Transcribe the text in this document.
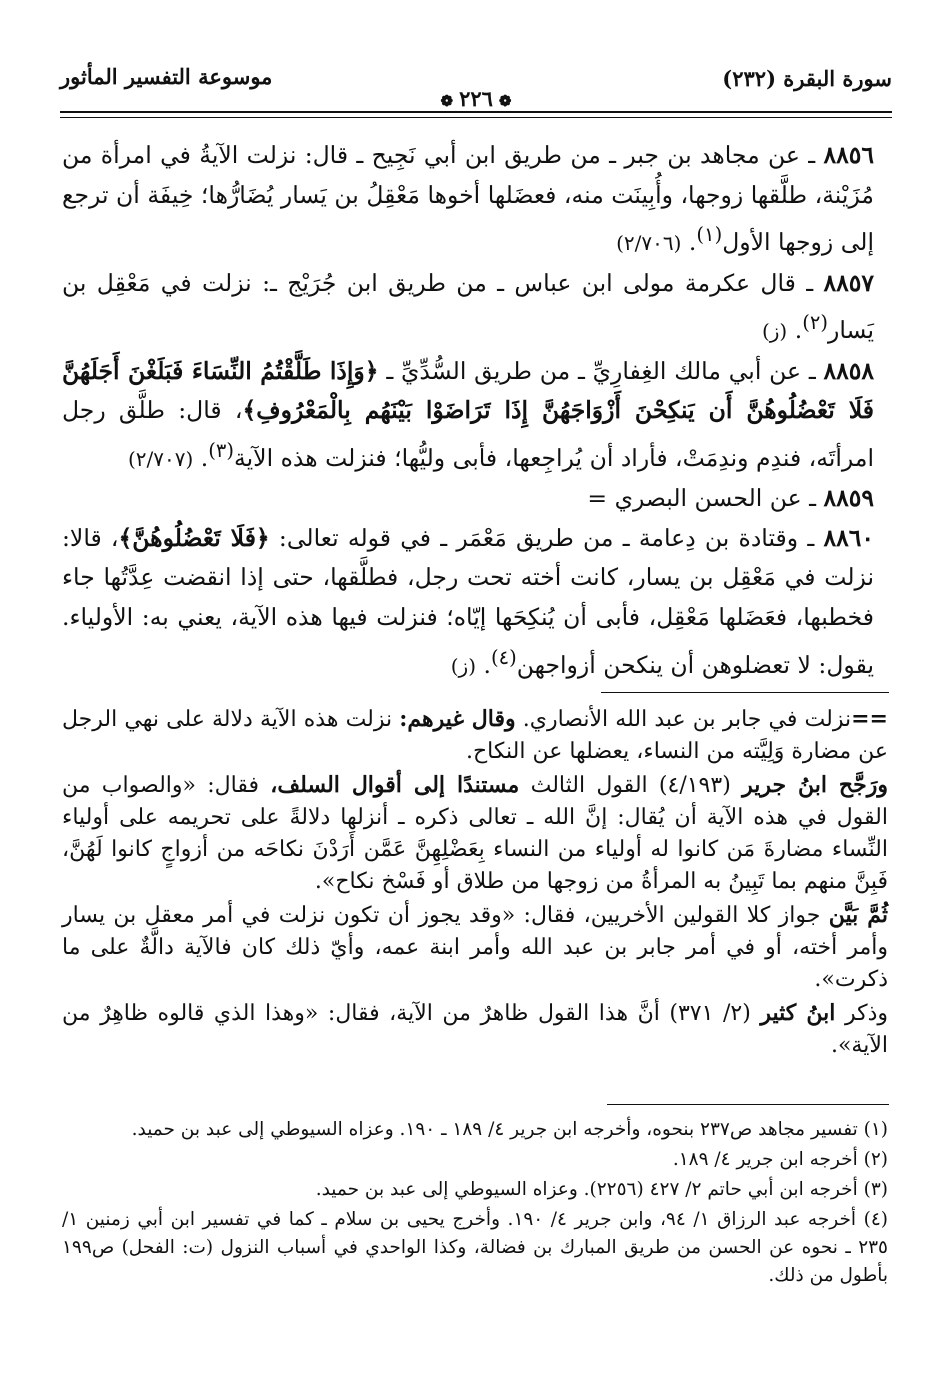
سورة البقرة (٢٣٢)
موسوعة التفسير المأثور
❁٢٢٦❁

٨٨٥٦ ـ عن مجاهد بن جبر ـ من طريق ابن أبي نَجِيح ـ قال: نزلت الآيةُ في امرأة من مُزَيْنة، طلَّقها زوجها، وأُبِينَت منه، فعضَلها أخوها مَعْقِلُ بن يَسار يُضَارُّها؛ خِيفَة أن ترجع إلى زوجها الأول$^{(١)}$. (٢/٧٠٦)

٨٨٥٧ ـ قال عكرمة مولى ابن عباس ـ من طريق ابن جُرَيْج ـ: نزلت في مَعْقِل بن يَسار$^{(٢)}$. (ز)

٨٨٥٨ ـ عن أبي مالك الغِفارِيِّ ـ من طريق السُّدِّيِّ ـ ﴿وَإِذَا طَلَّقْتُمُ النِّسَاءَ فَبَلَغْنَ أَجَلَهُنَّ فَلَا تَعْضُلُوهُنَّ أَن يَنكِحْنَ أَزْوَاجَهُنَّ إِذَا تَرَاضَوْا بَيْنَهُم بِالْمَعْرُوفِ﴾، قال: طلَّق رجل امرأتَه، فندِم وندِمَتْ، فأراد أن يُراجِعها، فأبى وليُّها؛ فنزلت هذه الآية$^{(٣)}$. (٢/٧٠٧)

٨٨٥٩ ـ عن الحسن البصري =

٨٨٦٠ ـ وقتادة بن دِعامة ـ من طريق مَعْمَر ـ في قوله تعالى: ﴿فَلَا تَعْضُلُوهُنَّ﴾، قالا: نزلت في مَعْقِل بن يسار، كانت أخته تحت رجل، فطلَّقها، حتى إذا انقضت عِدَّتُها جاء فخطبها، فعَضَلها مَعْقِل، فأبى أن يُنكِحَها إيّاه؛ فنزلت فيها هذه الآية، يعني به: الأولياء. يقول: لا تعضلوهن أن ينكحن أزواجهن$^{(٤)}$. (ز)

==نزلت في جابر بن عبد الله الأنصاري. وقال غيرهم: نزلت هذه الآية دلالة على نهي الرجل عن مضارة وَلِيَّته من النساء، يعضلها عن النكاح.

ورَجَّح ابنُ جرير (٤/١٩٣) القول الثالث مستندًا إلى أقوال السلف، فقال: «والصواب من القول في هذه الآية أن يُقال: إنَّ الله ـ تعالى ذكره ـ أنزلها دلالةً على تحريمه على أولياء النِّساء مضارةَ مَن كانوا له أولياء من النساء بِعَضْلِهِنَّ عَمَّن أَرَدْنَ نكاحَه من أزواجٍ كانوا لَهُنَّ، فَبِنَّ منهم بما تَبِينُ به المرأةُ من زوجها من طلاق أو فَسْخ نكاح».

ثُمَّ بَيَّن جواز كلا القولين الأخريين، فقال: «وقد يجوز أن تكون نزلت في أمر معقل بن يسار وأمر أخته، أو في أمر جابر بن عبد الله وأمر ابنة عمه، وأيّ ذلك كان فالآية دالَّةٌ على ما ذكرت».

وذكر ابنُ كثير (٢/ ٣٧١) أنَّ هذا القول ظاهرٌ من الآية، فقال: «وهذا الذي قالوه ظاهِرٌ من الآية».

(١) تفسير مجاهد ص٢٣٧ بنحوه، وأخرجه ابن جرير ٤/ ١٨٩ ـ ١٩٠. وعزاه السيوطي إلى عبد بن حميد.

(٢) أخرجه ابن جرير ٤/ ١٨٩.

(٣) أخرجه ابن أبي حاتم ٢/ ٤٢٧ (٢٢٥٦). وعزاه السيوطي إلى عبد بن حميد.

(٤) أخرجه عبد الرزاق ١/ ٩٤، وابن جرير ٤/ ١٩٠. وأخرج يحيى بن سلام ـ كما في تفسير ابن أبي زمنين ١/ ٢٣٥ ـ نحوه عن الحسن من طريق المبارك بن فضالة، وكذا الواحدي في أسباب النزول (ت: الفحل) ص١٩٩ بأطول من ذلك.
